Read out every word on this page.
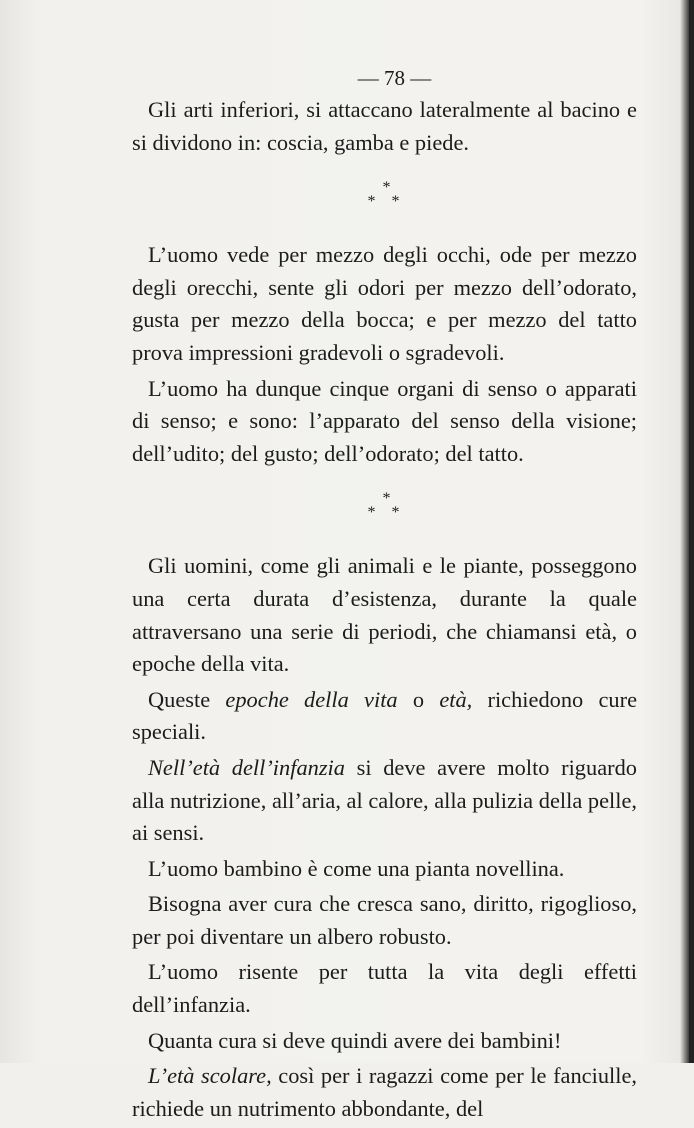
— 78 —

Gli arti inferiori, si attaccano lateralmente al bacino e si dividono in: coscia, gamba e piede.

*
* *

L’uomo vede per mezzo degli occhi, ode per mezzo degli orecchi, sente gli odori per mezzo dell’odorato, gusta per mezzo della bocca; e per mezzo del tatto prova impressioni gradevoli o sgradevoli.

L’uomo ha dunque cinque organi di senso o apparati di senso; e sono: l’apparato del senso della visione; dell’udito; del gusto; dell’odorato; del tatto.

*
* *

Gli uomini, come gli animali e le piante, posseggono una certa durata d’esistenza, durante la quale attraversano una serie di periodi, che chiamansi età, o epoche della vita.

Queste epoche della vita o età, richiedono cure speciali.

Nell’età dell’infanzia si deve avere molto riguardo alla nutrizione, all’aria, al calore, alla pulizia della pelle, ai sensi.

L’uomo bambino è come una pianta novellina.

Bisogna aver cura che cresca sano, diritto, rigoglioso, per poi diventare un albero robusto.

L’uomo risente per tutta la vita degli effetti dell’infanzia.

Quanta cura si deve quindi avere dei bambini!

L’età scolare, così per i ragazzi come per le fanciulle, richiede un nutrimento abbondante, del
